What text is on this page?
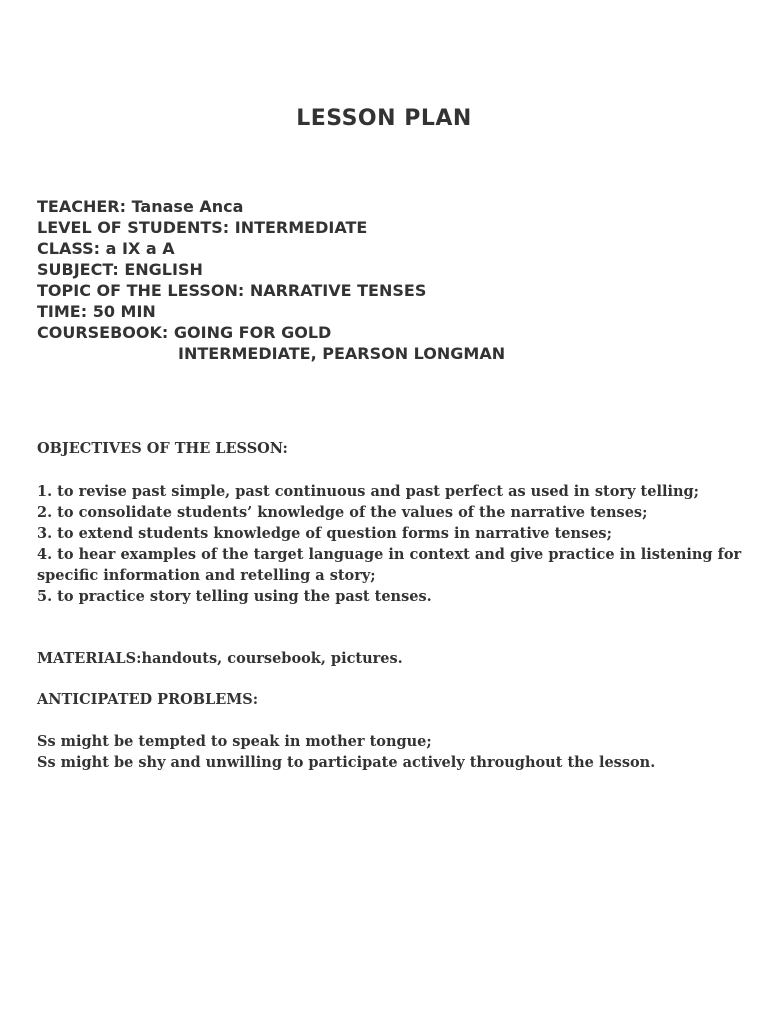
LESSON PLAN
TEACHER: Tanase Anca
LEVEL OF STUDENTS: INTERMEDIATE
CLASS: a IX a A
SUBJECT: ENGLISH
TOPIC OF THE LESSON: NARRATIVE TENSES
TIME: 50 MIN
COURSEBOOK: GOING FOR GOLD
INTERMEDIATE, PEARSON LONGMAN
OBJECTIVES OF THE LESSON:
1. to revise past simple, past continuous and past perfect as used in story telling;
2. to consolidate students’ knowledge of the values of the narrative tenses;
3. to extend students knowledge of question forms in narrative tenses;
4. to hear examples of the target language in context and give practice in listening for
specific information and retelling a story;
5. to practice story telling using the past tenses.
MATERIALS:handouts, coursebook, pictures.
ANTICIPATED PROBLEMS:
Ss might be tempted to speak in mother tongue;
Ss might be shy and unwilling to participate actively throughout the lesson.
